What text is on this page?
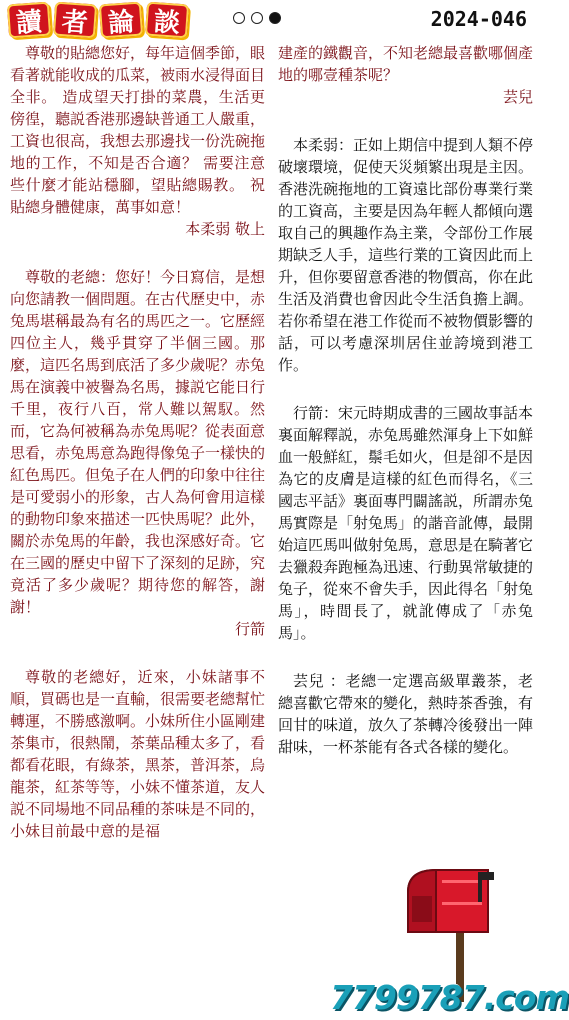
讀 者 論 談	2024-046

尊敬的貼總您好，每年這個季節，眼看著就能收成的瓜菜，被雨水浸得面目全非。 造成望天打掛的菜農，生活更傍徨，聽説香港那邊缺普通工人嚴重，工資也很高，我想去那邊找一份洗碗拖地的工作，不知是否合適？ 需要注意些什麼才能站穩腳，望貼總賜教。 祝貼總身體健康，萬事如意！

本柔弱 敬上

尊敬的老總：您好！今日寫信，是想向您請教一個問題。在古代歷史中，赤兔馬堪稱最為有名的馬匹之一。它歷經四位主人，幾乎貫穿了半個三國。那麼，這匹名馬到底活了多少歲呢？赤兔馬在演義中被譽為名馬，據説它能日行千里，夜行八百，常人難以駕馭。然而，它為何被稱為赤兔馬呢？從表面意思看，赤兔馬意為跑得像兔子一樣快的紅色馬匹。但兔子在人們的印象中往往是可愛弱小的形象，古人為何會用這樣的動物印象來描述一匹快馬呢？此外，關於赤兔馬的年齡，我也深感好奇。它在三國的歷史中留下了深刻的足跡，究竟活了多少歲呢？期待您的解答，謝謝！

行箭

尊敬的老總好，近來，小妹諸事不順，買碼也是一直輸，很需要老總幫忙轉運，不勝感激啊。小妹所住小區剛建茶集市，很熱鬧，茶葉品種太多了，看都看花眼，有綠茶，黑茶，普洱茶，烏龍茶，紅茶等等，小妹不懂茶道，友人説不同場地不同品種的茶味是不同的，小妹目前最中意的是福

建產的鐵觀音，不知老總最喜歡哪個產地的哪壹種茶呢？

芸兒

本柔弱：正如上期信中提到人類不停破壞環境，促使天災頻繁出現是主因。香港洗碗拖地的工資遠比部份專業行業的工資高，主要是因為年輕人都傾向選取自己的興趣作為主業，令部份工作展期缺乏人手，這些行業的工資因此而上升，但你要留意香港的物價高，你在此生活及消費也會因此令生活負擔上調。若你希望在港工作從而不被物價影響的話，可以考慮深圳居住並誇境到港工作。

行箭：宋元時期成書的三國故事話本裏面解釋説，赤兔馬雖然渾身上下如鮮血一般鮮紅，鬃毛如火，但是卻不是因為它的皮膚是這樣的紅色而得名，《三國志平話》裏面專門闢謠説，所謂赤兔馬實際是「射兔馬」的諧音訛傳，最開始這匹馬叫做射兔馬，意思是在騎著它去獵殺奔跑極為迅速、行動異常敏捷的兔子，從來不會失手，因此得名「射兔馬」，時間長了，就訛傳成了「赤兔馬」。

芸兒 ：老總一定選高級單叢茶，老總喜歡它帶來的變化，熱時茶香強，有回甘的味道，放久了茶轉冷後發出一陣甜味，一杯茶能有各式各樣的變化。

7799787.com
